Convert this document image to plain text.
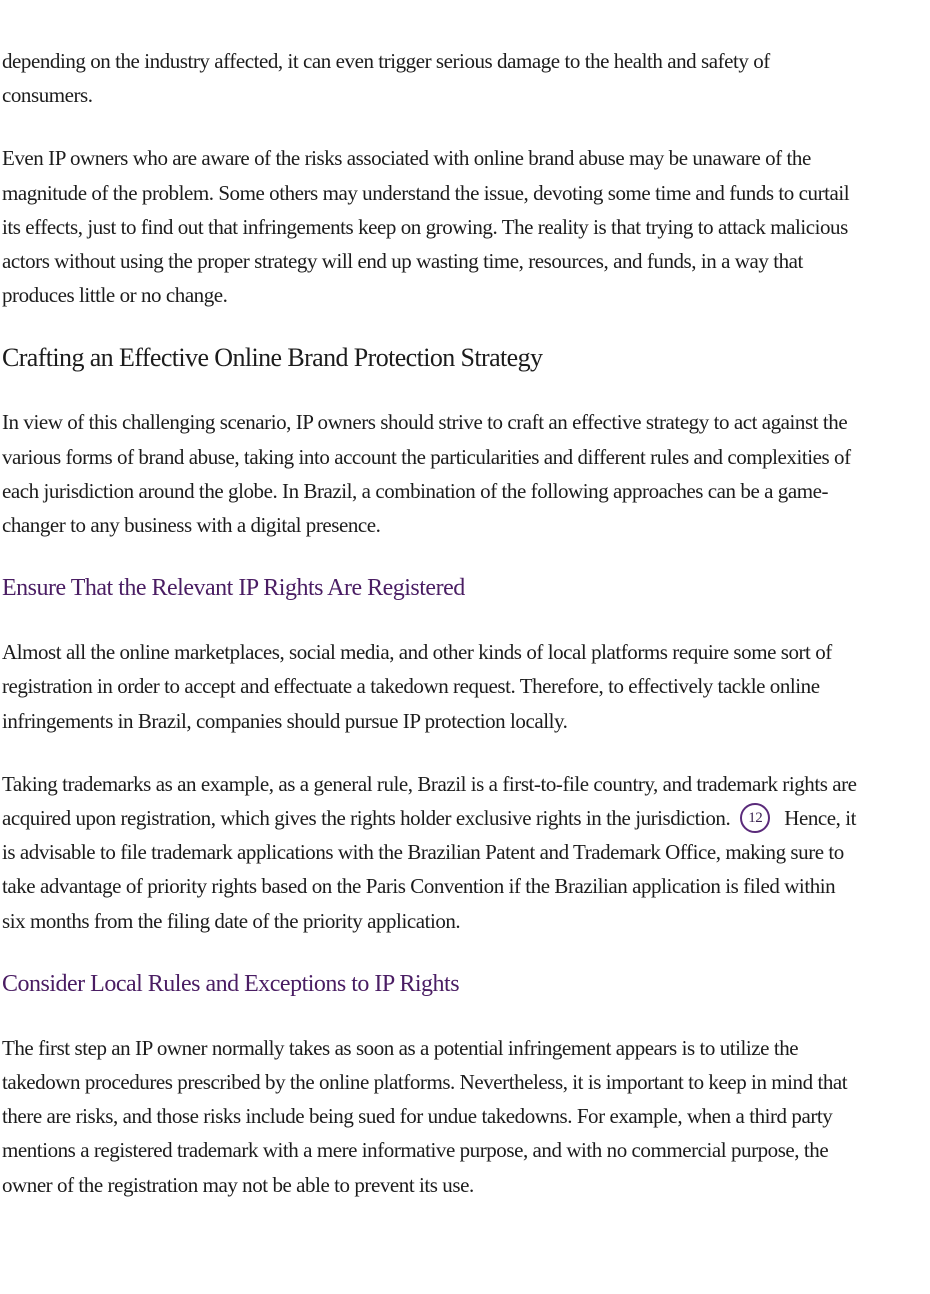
depending on the industry affected, it can even trigger serious damage to the health and safety of consumers.

Even IP owners who are aware of the risks associated with online brand abuse may be unaware of the magnitude of the problem. Some others may understand the issue, devoting some time and funds to curtail its effects, just to find out that infringements keep on growing. The reality is that trying to attack malicious actors without using the proper strategy will end up wasting time, resources, and funds, in a way that produces little or no change.

Crafting an Effective Online Brand Protection Strategy

In view of this challenging scenario, IP owners should strive to craft an effective strategy to act against the various forms of brand abuse, taking into account the particularities and different rules and complexities of each jurisdiction around the globe. In Brazil, a combination of the following approaches can be a game-changer to any business with a digital presence.

Ensure That the Relevant IP Rights Are Registered

Almost all the online marketplaces, social media, and other kinds of local platforms require some sort of registration in order to accept and effectuate a takedown request. Therefore, to effectively tackle online infringements in Brazil, companies should pursue IP protection locally.

Taking trademarks as an example, as a general rule, Brazil is a first-to-file country, and trademark rights are acquired upon registration, which gives the rights holder exclusive rights in the jurisdiction. 12 Hence, it is advisable to file trademark applications with the Brazilian Patent and Trademark Office, making sure to take advantage of priority rights based on the Paris Convention if the Brazilian application is filed within six months from the filing date of the priority application.

Consider Local Rules and Exceptions to IP Rights

The first step an IP owner normally takes as soon as a potential infringement appears is to utilize the takedown procedures prescribed by the online platforms. Nevertheless, it is important to keep in mind that there are risks, and those risks include being sued for undue takedowns. For example, when a third party mentions a registered trademark with a mere informative purpose, and with no commercial purpose, the owner of the registration may not be able to prevent its use.
